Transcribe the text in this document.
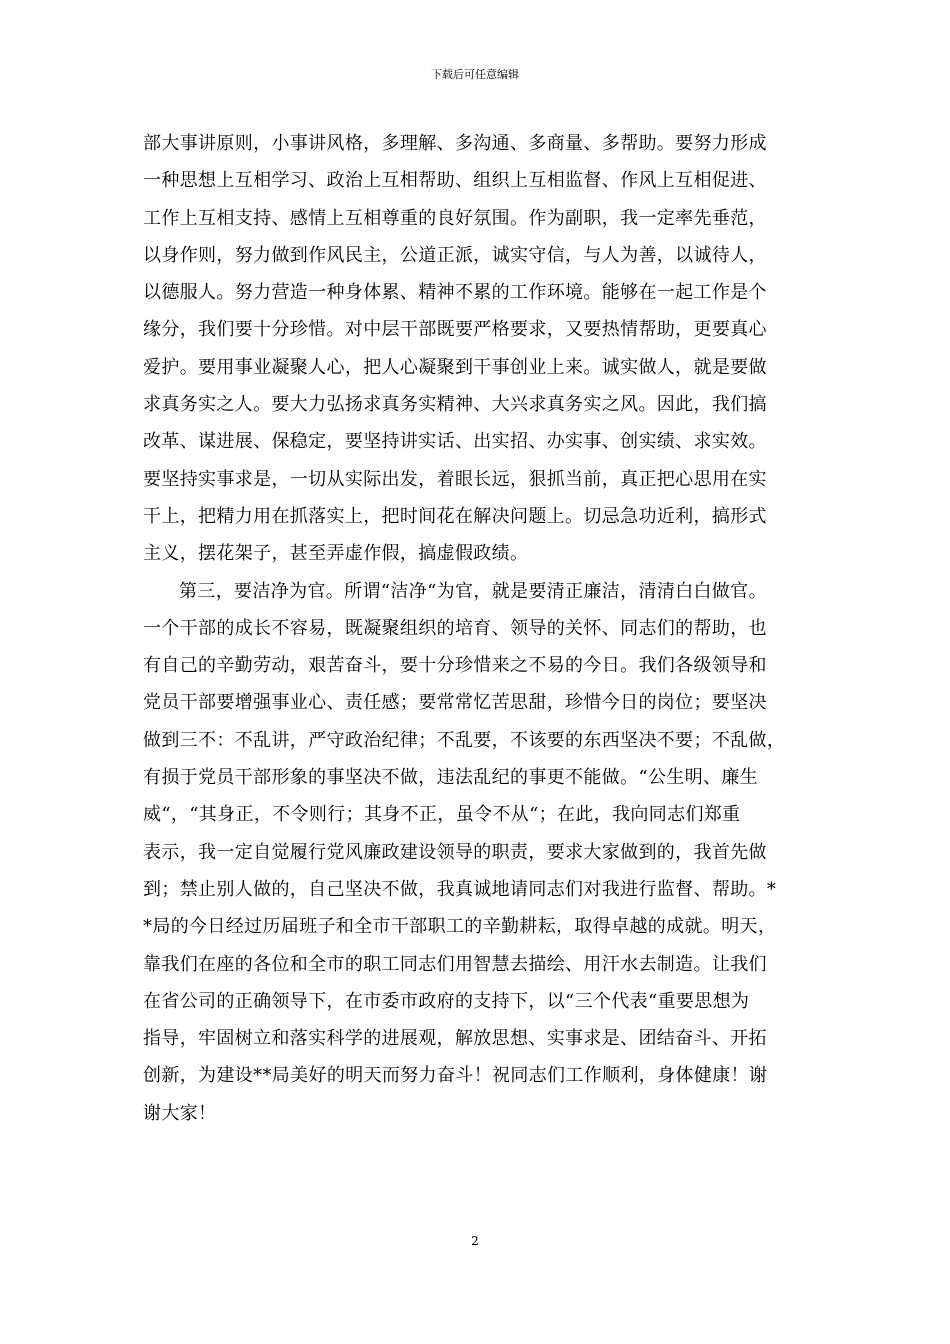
下载后可任意编辑
部大事讲原则，小事讲风格，多理解、多沟通、多商量、多帮助。要努力形成
一种思想上互相学习、政治上互相帮助、组织上互相监督、作风上互相促进、
工作上互相支持、感情上互相尊重的良好氛围。作为副职，我一定率先垂范，
以身作则，努力做到作风民主，公道正派，诚实守信，与人为善，以诚待人，
以德服人。努力营造一种身体累、精神不累的工作环境。能够在一起工作是个
缘分，我们要十分珍惜。对中层干部既要严格要求，又要热情帮助，更要真心
爱护。要用事业凝聚人心，把人心凝聚到干事创业上来。诚实做人，就是要做
求真务实之人。要大力弘扬求真务实精神、大兴求真务实之风。因此，我们搞
改革、谋进展、保稳定，要坚持讲实话、出实招、办实事、创实绩、求实效。
要坚持实事求是，一切从实际出发，着眼长远，狠抓当前，真正把心思用在实
干上，把精力用在抓落实上，把时间花在解决问题上。切忌急功近利，搞形式
主义，摆花架子，甚至弄虚作假，搞虚假政绩。
第三，要洁净为官。所谓“洁净“为官，就是要清正廉洁，清清白白做官。
一个干部的成长不容易，既凝聚组织的培育、领导的关怀、同志们的帮助，也
有自己的辛勤劳动，艰苦奋斗，要十分珍惜来之不易的今日。我们各级领导和
党员干部要增强事业心、责任感；要常常忆苦思甜，珍惜今日的岗位；要坚决
做到三不：不乱讲，严守政治纪律；不乱要，不该要的东西坚决不要；不乱做，
有损于党员干部形象的事坚决不做，违法乱纪的事更不能做。“公生明、廉生
威“，“其身正，不令则行；其身不正，虽令不从“；在此，我向同志们郑重
表示，我一定自觉履行党风廉政建设领导的职责，要求大家做到的，我首先做
到；禁止别人做的，自己坚决不做，我真诚地请同志们对我进行监督、帮助。*
*局的今日经过历届班子和全市干部职工的辛勤耕耘，取得卓越的成就。明天，
靠我们在座的各位和全市的职工同志们用智慧去描绘、用汗水去制造。让我们
在省公司的正确领导下，在市委市政府的支持下，以“三个代表“重要思想为
指导，牢固树立和落实科学的进展观，解放思想、实事求是、团结奋斗、开拓
创新，为建设**局美好的明天而努力奋斗！祝同志们工作顺利，身体健康！谢
谢大家！
2
